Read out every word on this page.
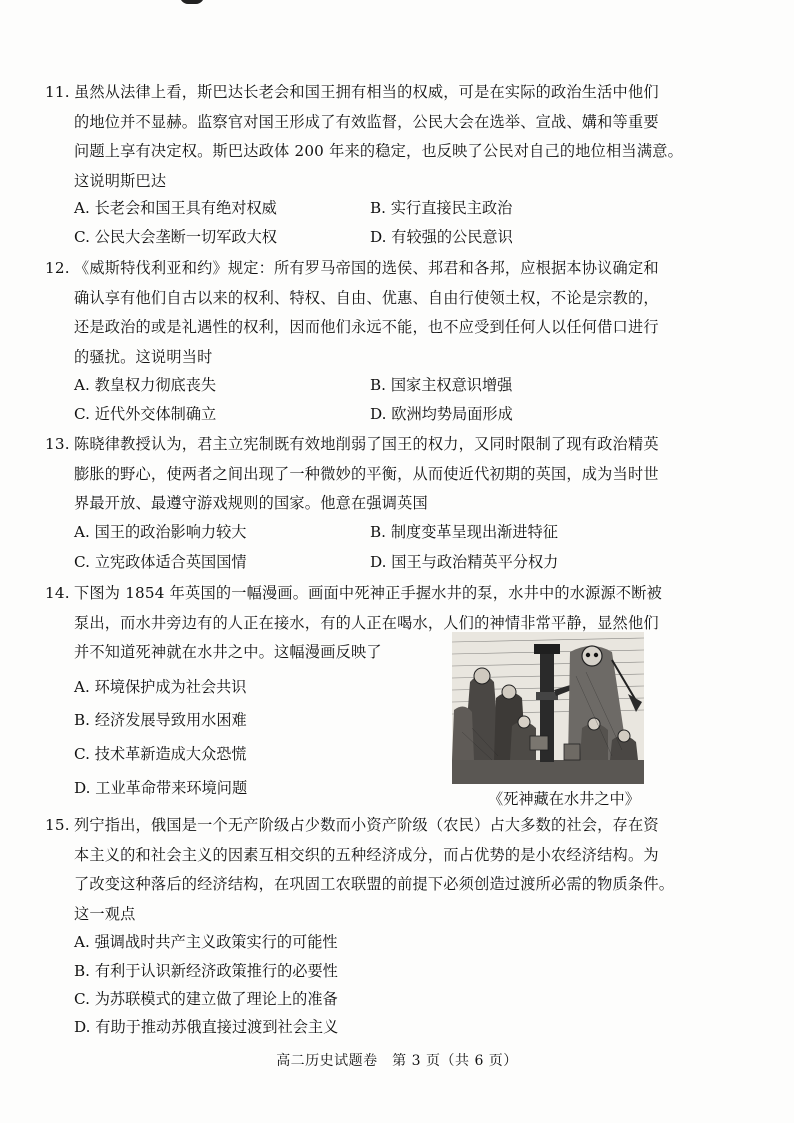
11. 虽然从法律上看，斯巴达长老会和国王拥有相当的权威，可是在实际的政治生活中他们
的地位并不显赫。监察官对国王形成了有效监督，公民大会在选举、宣战、媾和等重要
问题上享有决定权。斯巴达政体 200 年来的稳定，也反映了公民对自己的地位相当满意。
这说明斯巴达
A. 长老会和国王具有绝对权威	B. 实行直接民主政治
C. 公民大会垄断一切军政大权	D. 有较强的公民意识
12. 《威斯特伐利亚和约》规定：所有罗马帝国的选侯、邦君和各邦，应根据本协议确定和
确认享有他们自古以来的权利、特权、自由、优惠、自由行使领土权，不论是宗教的，
还是政治的或是礼遇性的权利，因而他们永远不能，也不应受到任何人以任何借口进行
的骚扰。这说明当时
A. 教皇权力彻底丧失	B. 国家主权意识增强
C. 近代外交体制确立	D. 欧洲均势局面形成
13. 陈晓律教授认为，君主立宪制既有效地削弱了国王的权力，又同时限制了现有政治精英
膨胀的野心，使两者之间出现了一种微妙的平衡，从而使近代初期的英国，成为当时世
界最开放、最遵守游戏规则的国家。他意在强调英国
A. 国王的政治影响力较大	B. 制度变革呈现出渐进特征
C. 立宪政体适合英国国情	D. 国王与政治精英平分权力
14. 下图为 1854 年英国的一幅漫画。画面中死神正手握水井的泵，水井中的水源源不断被
泵出，而水井旁边有的人正在接水，有的人正在喝水，人们的神情非常平静，显然他们
并不知道死神就在水井之中。这幅漫画反映了
A. 环境保护成为社会共识
B. 经济发展导致用水困难
C. 技术革新造成大众恐慌
D. 工业革命带来环境问题
《死神藏在水井之中》
15. 列宁指出，俄国是一个无产阶级占少数而小资产阶级（农民）占大多数的社会，存在资
本主义的和社会主义的因素互相交织的五种经济成分，而占优势的是小农经济结构。为
了改变这种落后的经济结构，在巩固工农联盟的前提下必须创造过渡所必需的物质条件。
这一观点
A. 强调战时共产主义政策实行的可能性
B. 有利于认识新经济政策推行的必要性
C. 为苏联模式的建立做了理论上的准备
D. 有助于推动苏俄直接过渡到社会主义
高二历史试题卷　第 3 页（共 6 页）
